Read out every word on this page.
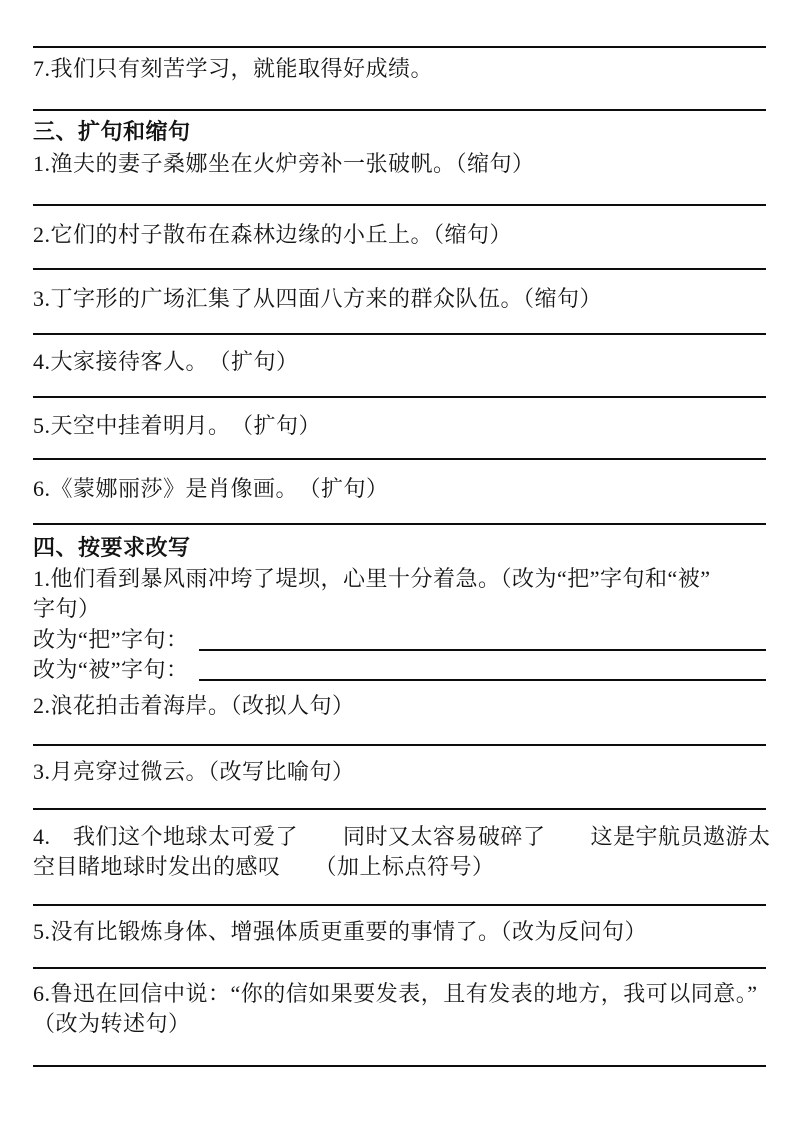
7.我们只有刻苦学习，就能取得好成绩。
三、扩句和缩句
1.渔夫的妻子桑娜坐在火炉旁补一张破帆。（缩句）
2.它们的村子散布在森林边缘的小丘上。（缩句）
3.丁字形的广场汇集了从四面八方来的群众队伍。（缩句）
4.大家接待客人。　（扩句）
5.天空中挂着明月。　（扩句）
6.《蒙娜丽莎》是肖像画。　（扩句）
四、按要求改写
1.他们看到暴风雨冲垮了堤坝，心里十分着急。（改为“把”字句和“被”
字句）
改为“把”字句：
改为“被”字句：
2.浪花拍击着海岸。（改拟人句）
3.月亮穿过微云。（改写比喻句）
4.　我们这个地球太可爱了　　同时又太容易破碎了　　这是宇航员遨游太
空目睹地球时发出的感叹　　（加上标点符号）
5.没有比锻炼身体、增强体质更重要的事情了。（改为反问句）
6.鲁迅在回信中说：“你的信如果要发表，且有发表的地方，我可以同意。”
（改为转述句）
